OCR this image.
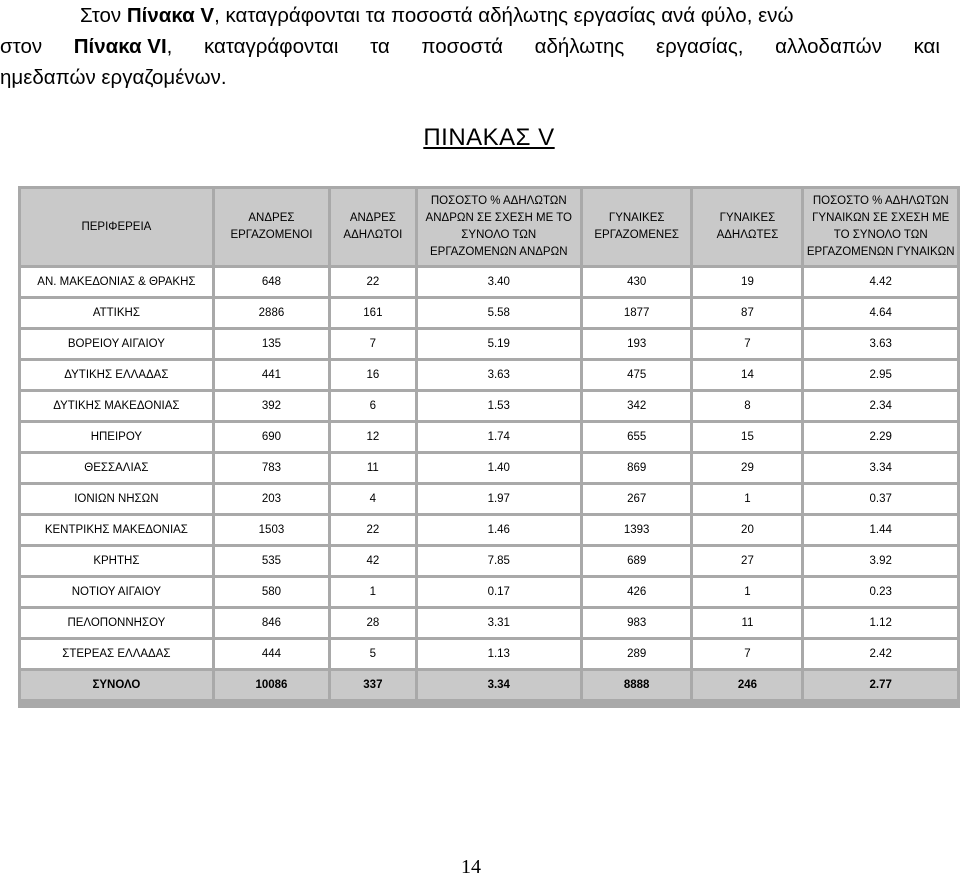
Στον Πίνακα V, καταγράφονται τα ποσοστά αδήλωτης εργασίας ανά φύλο, ενώ
στον Πίνακα VI, καταγράφονται τα ποσοστά αδήλωτης εργασίας, αλλοδαπών και
ημεδαπών εργαζομένων.
ΠΙΝΑΚΑΣ V
ΠΕΡΙΦΕΡΕΙΑ	ΑΝΔΡΕΣ ΕΡΓΑΖΟΜΕΝΟΙ	ΑΝΔΡΕΣ ΑΔΗΛΩΤΟΙ	ΠΟΣΟΣΤΟ % ΑΔΗΛΩΤΩΝ ΑΝΔΡΩΝ ΣΕ ΣΧΕΣΗ ΜΕ ΤΟ ΣΥΝΟΛΟ ΤΩΝ ΕΡΓΑΖΟΜΕΝΩΝ ΑΝΔΡΩΝ	ΓΥΝΑΙΚΕΣ ΕΡΓΑΖΟΜΕΝΕΣ	ΓΥΝΑΙΚΕΣ ΑΔΗΛΩΤΕΣ	ΠΟΣΟΣΤΟ % ΑΔΗΛΩΤΩΝ ΓΥΝΑΙΚΩΝ ΣΕ ΣΧΕΣΗ ΜΕ ΤΟ ΣΥΝΟΛΟ ΤΩΝ ΕΡΓΑΖΟΜΕΝΩΝ ΓΥΝΑΙΚΩΝ
ΑΝ. ΜΑΚΕΔΟΝΙΑΣ & ΘΡΑΚΗΣ	648	22	3.40	430	19	4.42
ΑΤΤΙΚΗΣ	2886	161	5.58	1877	87	4.64
ΒΟΡΕΙΟΥ ΑΙΓΑΙΟΥ	135	7	5.19	193	7	3.63
ΔΥΤΙΚΗΣ ΕΛΛΑΔΑΣ	441	16	3.63	475	14	2.95
ΔΥΤΙΚΗΣ ΜΑΚΕΔΟΝΙΑΣ	392	6	1.53	342	8	2.34
ΗΠΕΙΡΟΥ	690	12	1.74	655	15	2.29
ΘΕΣΣΑΛΙΑΣ	783	11	1.40	869	29	3.34
ΙΟΝΙΩΝ ΝΗΣΩΝ	203	4	1.97	267	1	0.37
ΚΕΝΤΡΙΚΗΣ ΜΑΚΕΔΟΝΙΑΣ	1503	22	1.46	1393	20	1.44
ΚΡΗΤΗΣ	535	42	7.85	689	27	3.92
ΝΟΤΙΟΥ ΑΙΓΑΙΟΥ	580	1	0.17	426	1	0.23
ΠΕΛΟΠΟΝΝΗΣΟΥ	846	28	3.31	983	11	1.12
ΣΤΕΡΕΑΣ ΕΛΛΑΔΑΣ	444	5	1.13	289	7	2.42
ΣΥΝΟΛΟ	10086	337	3.34	8888	246	2.77
14
